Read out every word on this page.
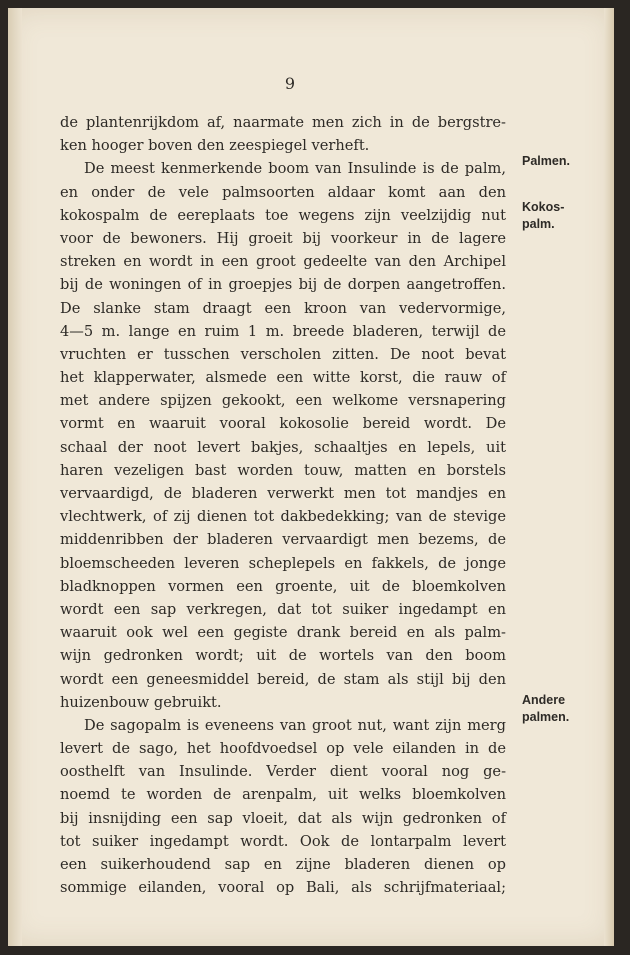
9
de plantenrijkdom af, naarmate men zich in de bergstre-
ken hooger boven den zeespiegel verheft.
De meest kenmerkende boom van Insulinde is de palm,
en onder de vele palmsoorten aldaar komt aan den
kokospalm de eereplaats toe wegens zijn veelzijdig nut
voor de bewoners. Hij groeit bij voorkeur in de lagere
streken en wordt in een groot gedeelte van den Archipel
bij de woningen of in groepjes bij de dorpen aangetroffen.
De slanke stam draagt een kroon van vedervormige,
4—5 m. lange en ruim 1 m. breede bladeren, terwijl de
vruchten er tusschen verscholen zitten. De noot bevat
het klapperwater, alsmede een witte korst, die rauw of
met andere spijzen gekookt, een welkome versnapering
vormt en waaruit vooral kokosolie bereid wordt. De
schaal der noot levert bakjes, schaaltjes en lepels, uit
haren vezeligen bast worden touw, matten en borstels
vervaardigd, de bladeren verwerkt men tot mandjes en
vlechtwerk, of zij dienen tot dakbedekking; van de stevige
middenribben der bladeren vervaardigt men bezems, de
bloemscheeden leveren scheplepels en fakkels, de jonge
bladknoppen vormen een groente, uit de bloemkolven
wordt een sap verkregen, dat tot suiker ingedampt en
waaruit ook wel een gegiste drank bereid en als palm-
wijn gedronken wordt; uit de wortels van den boom
wordt een geneesmiddel bereid, de stam als stijl bij den
huizenbouw gebruikt.
De sagopalm is eveneens van groot nut, want zijn merg
levert de sago, het hoofdvoedsel op vele eilanden in de
oosthelft van Insulinde. Verder dient vooral nog ge-
noemd te worden de arenpalm, uit welks bloemkolven
bij insnijding een sap vloeit, dat als wijn gedronken of
tot suiker ingedampt wordt. Ook de lontarpalm levert
een suikerhoudend sap en zijne bladeren dienen op
sommige eilanden, vooral op Bali, als schrijfmateriaal;
Palmen.
Kokos-
palm.
Andere
palmen.
